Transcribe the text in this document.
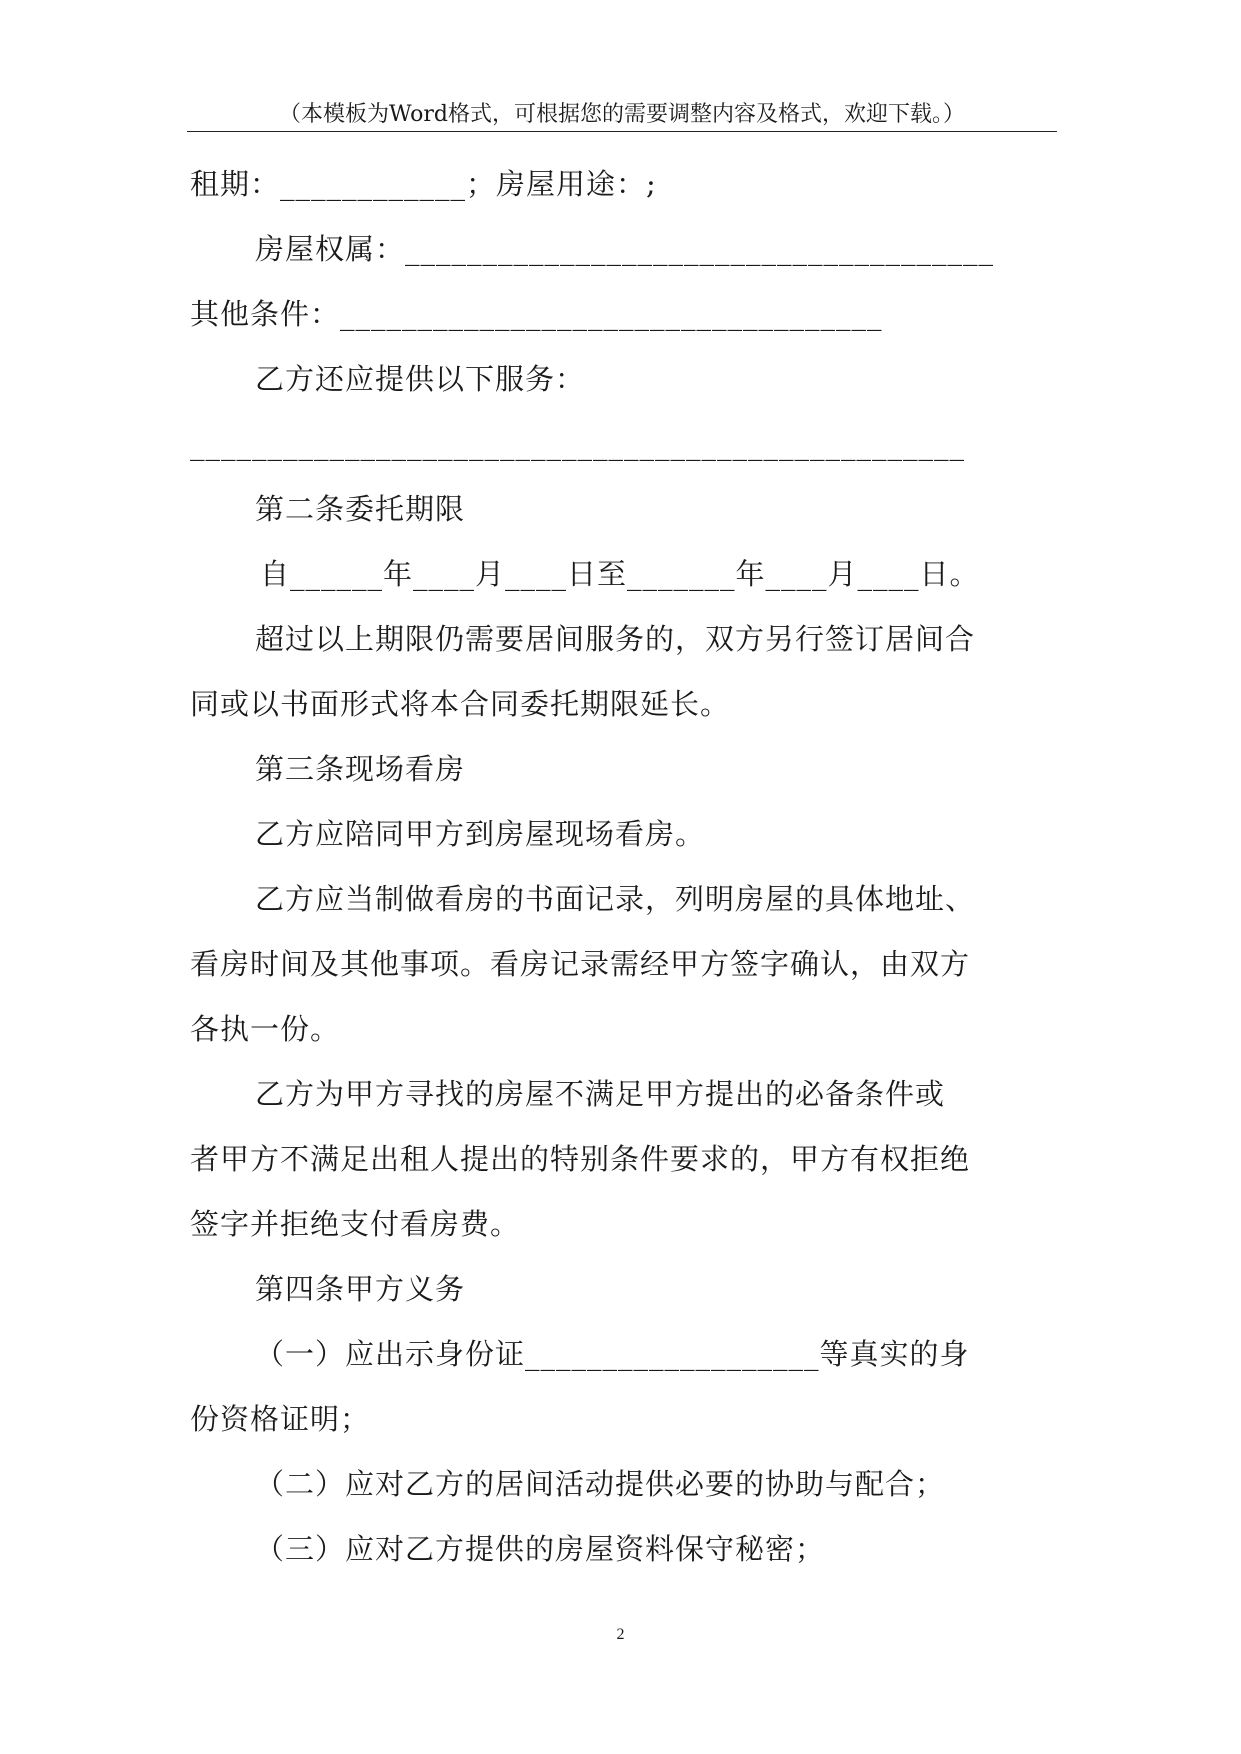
（本模板为Word格式，可根据您的需要调整内容及格式，欢迎下载。）
租期：____________；房屋用途：;
房屋权属：______________________________________
其他条件：___________________________________
乙方还应提供以下服务：
__________________________________________________
第二条委托期限
自______年____月____日至_______年____月____日。
超过以上期限仍需要居间服务的，双方另行签订居间合
同或以书面形式将本合同委托期限延长。
第三条现场看房
乙方应陪同甲方到房屋现场看房。
乙方应当制做看房的书面记录，列明房屋的具体地址、
看房时间及其他事项。看房记录需经甲方签字确认，由双方
各执一份。
乙方为甲方寻找的房屋不满足甲方提出的必备条件或
者甲方不满足出租人提出的特别条件要求的，甲方有权拒绝
签字并拒绝支付看房费。
第四条甲方义务
（一）应出示身份证___________________等真实的身
份资格证明；
（二）应对乙方的居间活动提供必要的协助与配合；
（三）应对乙方提供的房屋资料保守秘密；
2
